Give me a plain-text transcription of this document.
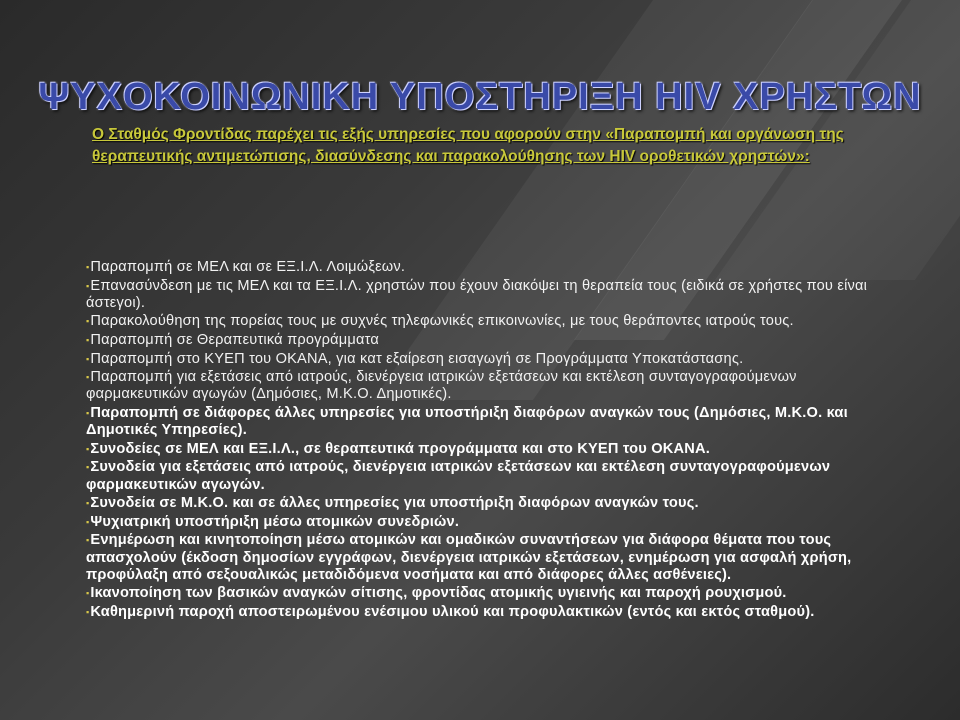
ΨΥΧΟΚΟΙΝΩΝΙΚΗ ΥΠΟΣΤΗΡΙΞΗ HIV ΧΡΗΣΤΩΝ
Ο Σταθμός Φροντίδας παρέχει τις εξής υπηρεσίες που αφορούν στην «Παραπομπή και οργάνωση της θεραπευτικής αντιμετώπισης, διασύνδεσης και παρακολούθησης των HIV οροθετικών χρηστών»:
▪Παραπομπή σε ΜΕΛ και σε ΕΞ.Ι.Λ. Λοιμώξεων.
▪Επανασύνδεση με τις ΜΕΛ και τα ΕΞ.Ι.Λ. χρηστών που έχουν διακόψει τη θεραπεία τους (ειδικά σε χρήστες που είναι άστεγοι).
▪Παρακολούθηση της πορείας τους με συχνές τηλεφωνικές επικοινωνίες, με τους θεράποντες ιατρούς τους.
▪Παραπομπή σε Θεραπευτικά προγράμματα
▪Παραπομπή στο ΚΥΕΠ του ΟΚΑΝΑ, για κατ εξαίρεση εισαγωγή σε Προγράμματα Υποκατάστασης.
▪Παραπομπή για εξετάσεις από ιατρούς, διενέργεια ιατρικών εξετάσεων και εκτέλεση συνταγογραφούμενων φαρμακευτικών αγωγών (Δημόσιες, Μ.Κ.Ο. Δημοτικές).
▪Παραπομπή σε διάφορες άλλες υπηρεσίες για υποστήριξη διαφόρων αναγκών τους (Δημόσιες, Μ.Κ.Ο. και Δημοτικές Υπηρεσίες).
▪Συνοδείες σε ΜΕΛ και ΕΞ.Ι.Λ., σε θεραπευτικά προγράμματα και στο ΚΥΕΠ του ΟΚΑΝΑ.
▪Συνοδεία για εξετάσεις από ιατρούς, διενέργεια ιατρικών εξετάσεων και εκτέλεση συνταγογραφούμενων φαρμακευτικών αγωγών.
▪Συνοδεία σε Μ.Κ.Ο. και σε άλλες υπηρεσίες για υποστήριξη διαφόρων αναγκών τους.
▪Ψυχιατρική υποστήριξη μέσω ατομικών συνεδριών.
▪Ενημέρωση και κινητοποίηση μέσω ατομικών και ομαδικών συναντήσεων για διάφορα θέματα που τους απασχολούν (έκδοση δημοσίων εγγράφων, διενέργεια ιατρικών εξετάσεων, ενημέρωση για ασφαλή χρήση, προφύλαξη από σεξουαλικώς μεταδιδόμενα νοσήματα και από διάφορες άλλες ασθένειες).
▪Ικανοποίηση των βασικών αναγκών σίτισης, φροντίδας ατομικής υγιεινής και παροχή ρουχισμού.
▪Καθημερινή παροχή αποστειρωμένου ενέσιμου υλικού και προφυλακτικών (εντός και εκτός σταθμού).
